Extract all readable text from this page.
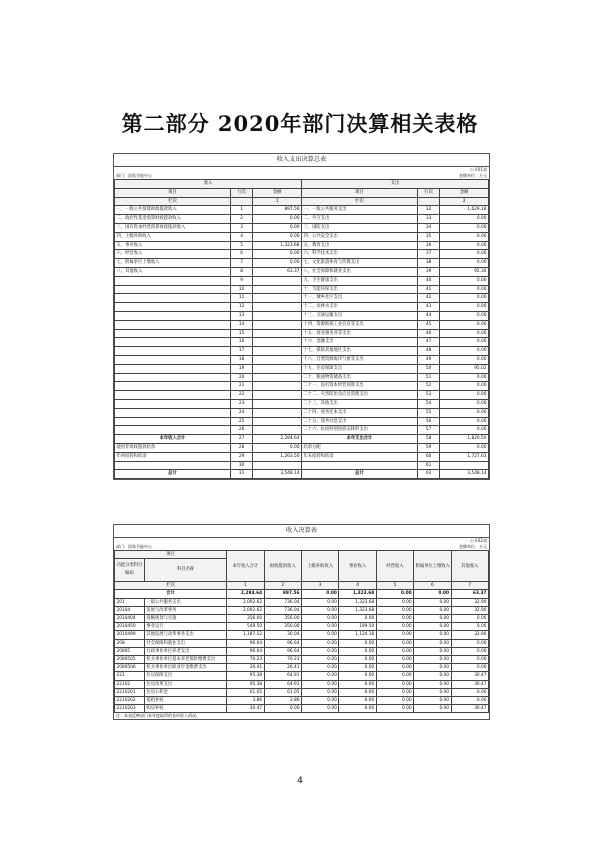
第二部分 2020年部门决算相关表格
收入支出决算总表
公开01表
部门：国家节能中心	金额单位：万元
收入			支出		
项目	行次	金额	项目	行次	金额
栏次		1	栏次		2
一、一般公共预算财政拨款收入	1	897.56	一、一般公共服务支出	32	1,629.18
二、政府性基金预算财政拨款收入	2	0.00	二、外交支出	33	0.00
三、国有资本经营预算财政拨款收入	3	0.00	三、国防支出	34	0.00
四、上级补助收入	4	0.00	四、公共安全支出	35	0.00
五、事业收入	5	1,323.68	五、教育支出	36	0.00
六、经营收入	6	0.00	六、科学技术支出	37	0.00
七、附属单位上缴收入	7	0.00	七、文化旅游体育与传媒支出	38	0.00
八、其他收入	8	63.37	八、社会保障和就业支出	39	95.30
	9		九、卫生健康支出	40	0.00
	10		十、节能环保支出	41	0.00
	11		十一、城乡社区支出	42	0.00
	12		十二、农林水支出	43	0.00
	13		十三、交通运输支出	44	0.00
	14		十四、资源勘探工业信息等支出	45	0.00
	15		十五、商业服务业等支出	46	0.00
	16		十六、金融支出	47	0.00
	17		十七、援助其他地区支出	48	0.00
	18		十八、自然资源海洋气象等支出	49	0.00
	19		十九、住房保障支出	50	95.02
	20		二十、粮油物资储备支出	51	0.00
	21		二十一、国有资本经营预算支出	52	0.00
	22		二十二、灾害防治及应急管理支出	53	0.00
	23		二十三、其他支出	54	0.00
	24		二十四、债务还本支出	55	0.00
	25		二十五、债务付息支出	56	0.00
	26		二十六、抗疫特别国债安排的支出	57	0.00
本年收入合计	27	2,284.64	本年支出合计	58	1,820.50
使用非财政拨款结余	28	0.00	结余分配	59	0.00
年初结转和结余	29	1,263.50	年末结转和结余	60	1,727.63
	30			61	
总计	31	3,548.14	总计	62	3,548.14
收入决算表
公开02表
部门：国家节能中心	金额单位：万元
项目		本年收入合计	财政拨款收入	上级补助收入	事业收入	经营收入	附属单位上缴收入	其他收入
功能分类科目编码	科目名称							
栏次		1	2	3	4	5	6	7
合计		2,284.64	897.56	0.00	1,323.68	0.00	0.00	63.37
201	一般公共服务支出	2,092.62	736.04	0.00	1,323.68	0.00	0.00	32.90
20104	发展与改革事务	2,092.62	736.04	0.00	1,323.68	0.00	0.00	32.90
2010404	战略规划与实施	356.00	356.00	0.00	0.00	0.00	0.00	0.00
2010450	事业运行	549.50	350.00	0.00	199.50	0.00	0.00	0.00
2010499	其他发展与改革事务支出	1,187.12	30.04	0.00	1,124.18	0.00	0.00	32.90
208	社会保障和就业支出	96.64	96.64	0.00	0.00	0.00	0.00	0.00
20805	行政事业单位养老支出	96.64	96.64	0.00	0.00	0.00	0.00	0.00
2080505	机关事业单位基本养老保险缴费支出	70.23	70.23	0.00	0.00	0.00	0.00	0.00
2080506	机关事业单位职业年金缴费支出	26.41	26.41	0.00	0.00	0.00	0.00	0.00
221	住房保障支出	95.38	64.91	0.00	0.00	0.00	0.00	30.47
22102	住房改革支出	95.38	64.91	0.00	0.00	0.00	0.00	30.47
2210201	住房公积金	61.05	61.05	0.00	0.00	0.00	0.00	0.00
2210202	提租补贴	3.86	3.86	0.00	0.00	0.00	0.00	0.00
2210203	购房补贴	30.47	0.00	0.00	0.00	0.00	0.00	30.47
注：本表反映部门本年度取得的各项收入情况。
4
